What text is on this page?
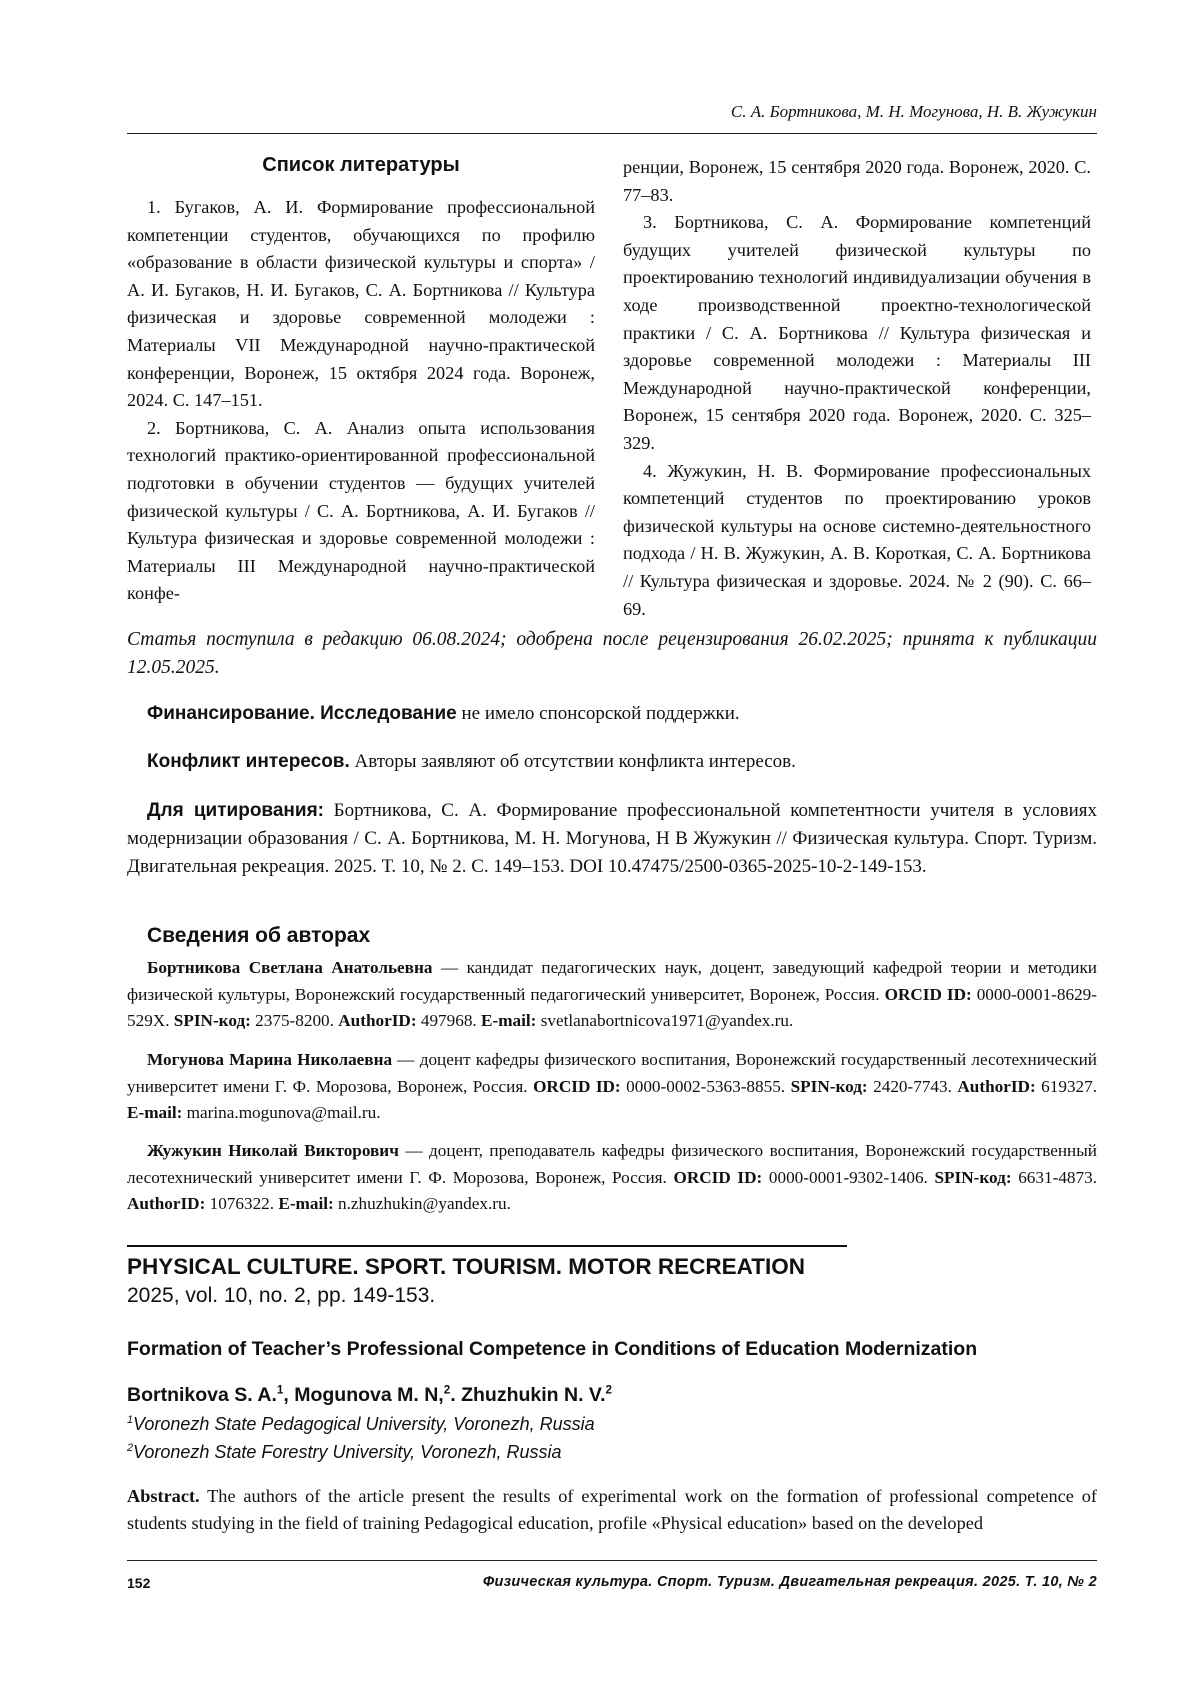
С. А. Бортникова, М. Н. Могунова, Н. В. Жужукин
Список литературы

1. Бугаков, А. И. Формирование профессиональной компетенции студентов, обучающихся по профилю «образование в области физической культуры и спорта» / А. И. Бугаков, Н. И. Бугаков, С. А. Бортникова // Культура физическая и здоровье современной молодежи : Материалы VII Международной научно-практической конференции, Воронеж, 15 октября 2024 года. Воронеж, 2024. С. 147–151.

2. Бортникова, С. А. Анализ опыта использования технологий практико-ориентированной профессиональной подготовки в обучении студентов — будущих учителей физической культуры / С. А. Бортникова, А. И. Бугаков // Культура физическая и здоровье современной молодежи : Материалы III Международной научно-практической конфе-

ренции, Воронеж, 15 сентября 2020 года. Воронеж, 2020. С. 77–83.

3. Бортникова, С. А. Формирование компетенций будущих учителей физической культуры по проектированию технологий индивидуализации обучения в ходе производственной проектно-технологической практики / С. А. Бортникова // Культура физическая и здоровье современной молодежи : Материалы III Международной научно-практической конференции, Воронеж, 15 сентября 2020 года. Воронеж, 2020. С. 325–329.

4. Жужукин, Н. В. Формирование профессиональных компетенций студентов по проектированию уроков физической культуры на основе системно-деятельностного подхода / Н. В. Жужукин, А. В. Короткая, С. А. Бортникова // Культура физическая и здоровье. 2024. № 2 (90). С. 66–69.

Статья поступила в редакцию 06.08.2024; одобрена после рецензирования 26.02.2025; принята к публикации 12.05.2025.
Финансирование. Исследование не имело спонсорской поддержки.
Конфликт интересов. Авторы заявляют об отсутствии конфликта интересов.
Для цитирования: Бортникова, С. А. Формирование профессиональной компетентности учителя в условиях модернизации образования / С. А. Бортникова, М. Н. Могунова, Н В Жужукин // Физическая культура. Спорт. Туризм. Двигательная рекреация. 2025. Т. 10, № 2. С. 149–153. DOI 10.47475/2500-0365-2025-10-2-149-153.
Сведения об авторах
Бортникова Светлана Анатольевна — кандидат педагогических наук, доцент, заведующий кафедрой теории и методики физической культуры, Воронежский государственный педагогический университет, Воронеж, Россия. ORCID ID: 0000-0001-8629-529X. SPIN-код: 2375-8200. AuthorID: 497968. E-mail: svetlanabortnicova1971@yandex.ru.
Могунова Марина Николаевна — доцент кафедры физического воспитания, Воронежский государственный лесотехнический университет имени Г. Ф. Морозова, Воронеж, Россия. ORCID ID: 0000-0002-5363-8855. SPIN-код: 2420-7743. AuthorID: 619327. E-mail: marina.mogunova@mail.ru.
Жужукин Николай Викторович — доцент, преподаватель кафедры физического воспитания, Воронежский государственный лесотехнический университет имени Г. Ф. Морозова, Воронеж, Россия. ORCID ID: 0000-0001-9302-1406. SPIN-код: 6631-4873. AuthorID: 1076322. E-mail: n.zhuzhukin@yandex.ru.
PHYSICAL CULTURE. SPORT. TOURISM. MOTOR RECREATION
2025, vol. 10, no. 2, pp. 149-153.
Formation of Teacher’s Professional Competence in Conditions of Education Modernization
Bortnikova S. A.$^1$, Mogunova M. N,$^2$. Zhuzhukin N. V.$^2$
$^1$Voronezh State Pedagogical University, Voronezh, Russia
$^2$Voronezh State Forestry University, Voronezh, Russia
Abstract. The authors of the article present the results of experimental work on the formation of professional competence of students studying in the field of training Pedagogical education, profile «Physical education» based on the developed
152	Физическая культура. Спорт. Туризм. Двигательная рекреация. 2025. Т. 10, № 2
